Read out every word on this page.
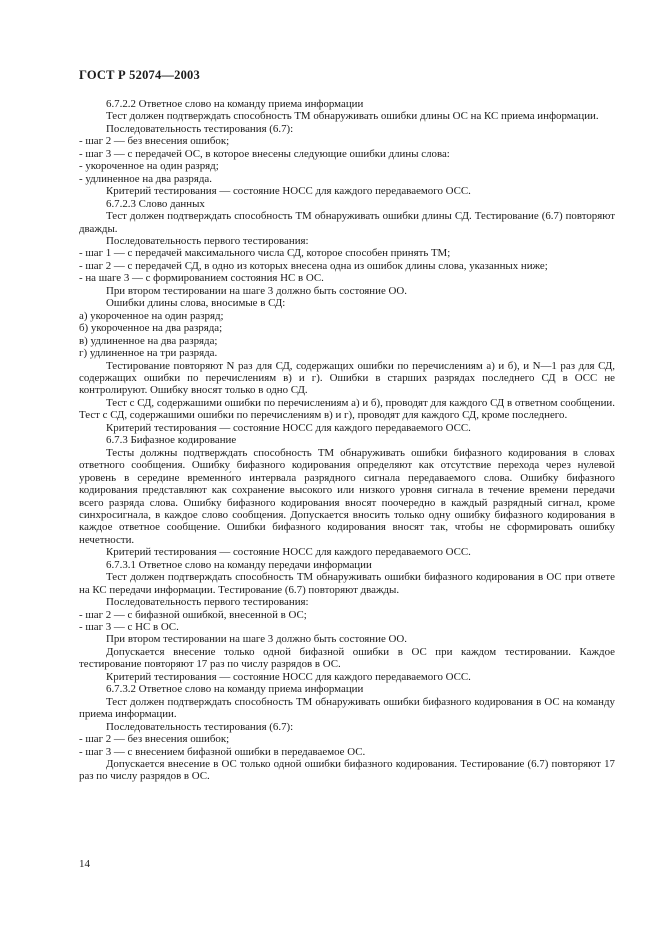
ГОСТ Р 52074—2003

6.7.2.2 Ответное слово на команду приема информации

Тест должен подтверждать способность ТМ обнаруживать ошибки длины ОС на КС приема информации.

Последовательность тестирования (6.7):

- шаг 2 — без внесения ошибок;

- шаг 3 — с передачей ОС, в которое внесены следующие ошибки длины слова:

- укороченное на один разряд;

- удлиненное на два разряда.

Критерий тестирования — состояние НОСС для каждого передаваемого ОСС.

6.7.2.3 Слово данных

Тест должен подтверждать способность ТМ обнаруживать ошибки длины СД. Тестирование (6.7) повторяют дважды.

Последовательность первого тестирования:

- шаг 1 — с передачей максимального числа СД, которое способен принять ТМ;

- шаг 2 — с передачей СД, в одно из которых внесена одна из ошибок длины слова, указанных ниже;

- на шаге 3 — с формированием состояния НС в ОС.

При втором тестировании на шаге 3 должно быть состояние ОО.

Ошибки длины слова, вносимые в СД:

а) укороченное на один разряд;

б) укороченное на два разряда;

в) удлиненное на два разряда;

г) удлиненное на три разряда.

Тестирование повторяют N раз для СД, содержащих ошибки по перечислениям а) и б), и N—1 раз для СД, содержащих ошибки по перечислениям в) и г). Ошибки в старших разрядах последнего СД в ОСС не контролируют. Ошибку вносят только в одно СД.

Тест с СД, содержашими ошибки по перечислениям а) и б), проводят для каждого СД в ответном сообщении. Тест с СД, содержашими ошибки по перечислениям в) и г), проводят для каждого СД, кроме последнего.

Критерий тестирования — состояние НОСС для каждого передаваемого ОСС.

6.7.3 Бифазное кодирование

Тесты должны подтверждать способность ТМ обнаруживать ошибки бифазного кодирования в словах ответного сообщения. Ошибку бифазного кодирования определяют как отсутствие перехода через нулевой уровень в середине временно́го интервала разрядного сигнала передаваемого слова. Ошибку бифазного кодирования представляют как сохранение высокого или низкого уровня сигнала в течение времени передачи всего разряда слова. Ошибку бифазного кодирования вносят поочередно в каждый разрядный сигнал, кроме синхросигнала, в каждое слово сообщения. Допускается вносить только одну ошибку бифазного кодирования в каждое ответное сообщение. Ошибки бифазного кодирования вносят так, чтобы не сформировать ошибку нечетности.

Критерий тестирования — состояние НОСС для каждого передаваемого ОСС.

6.7.3.1 Ответное слово на команду передачи информации

Тест должен подтверждать способность ТМ обнаруживать ошибки бифазного кодирования в ОС при ответе на КС передачи информации. Тестирование (6.7) повторяют дважды.

Последовательность первого тестирования:

- шаг 2 — с бифазной ошибкой, внесенной в ОС;

- шаг 3 — с НС в ОС.

При втором тестировании на шаге 3 должно быть состояние ОО.

Допускается внесение только одной бифазной ошибки в ОС при каждом тестировании. Каждое тестирование повторяют 17 раз по числу разрядов в ОС.

Критерий тестирования — состояние НОСС для каждого передаваемого ОСС.

6.7.3.2 Ответное слово на команду приема информации

Тест должен подтверждать способность ТМ обнаруживать ошибки бифазного кодирования в ОС на команду приема информации.

Последовательность тестирования (6.7):

- шаг 2 — без внесения ошибок;

- шаг 3 — с внесением бифазной ошибки в передаваемое ОС.

Допускается внесение в ОС только одной ошибки бифазного кодирования. Тестирование (6.7) повторяют 17 раз по числу разрядов в ОС.

14
